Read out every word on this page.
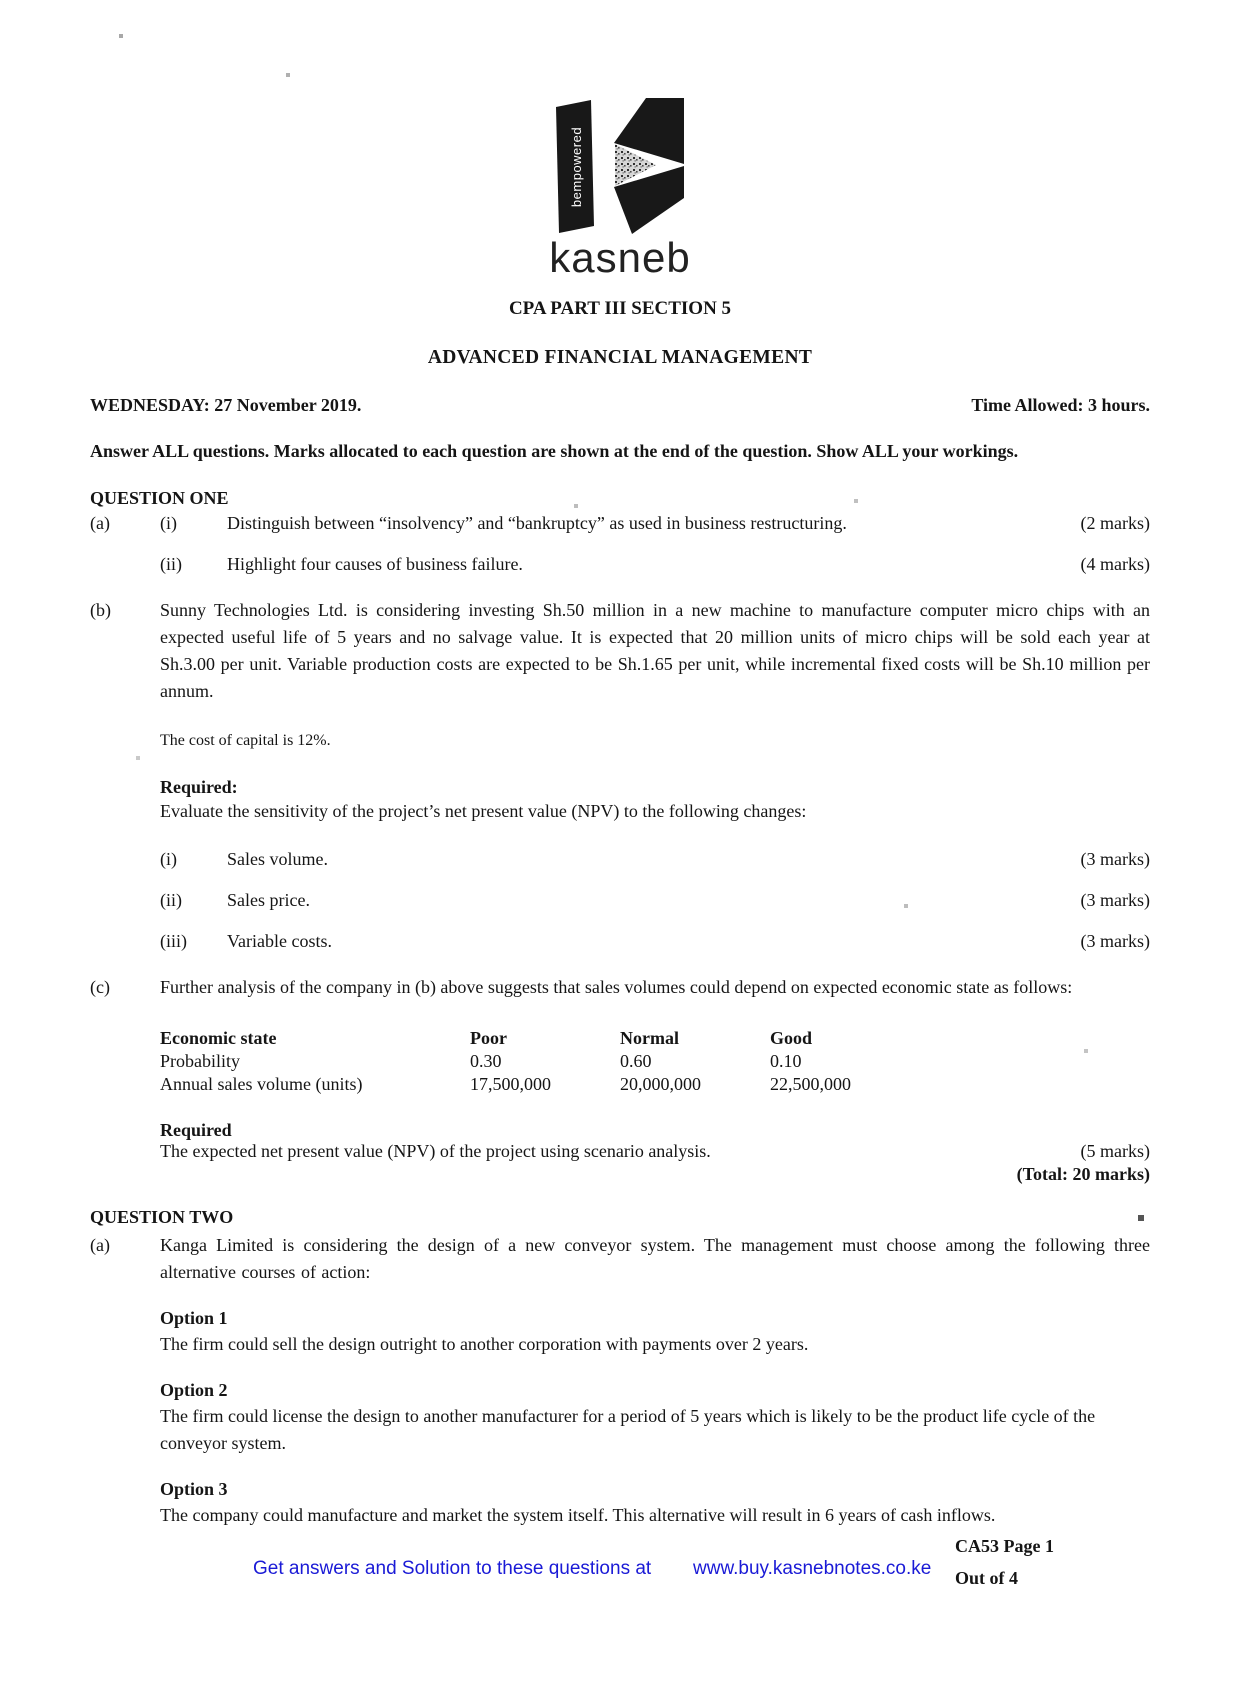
bempowered
kasneb
CPA PART III SECTION 5
ADVANCED FINANCIAL MANAGEMENT
WEDNESDAY: 27 November 2019.	Time Allowed: 3 hours.
Answer ALL questions. Marks allocated to each question are shown at the end of the question. Show ALL your workings.
QUESTION ONE
(a)	(i)	Distinguish between “insolvency” and “bankruptcy” as used in business restructuring.	(2 marks)
(ii)	Highlight four causes of business failure.	(4 marks)
(b)	Sunny Technologies Ltd. is considering investing Sh.50 million in a new machine to manufacture computer micro chips with an expected useful life of 5 years and no salvage value. It is expected that 20 million units of micro chips will be sold each year at Sh.3.00 per unit. Variable production costs are expected to be Sh.1.65 per unit, while incremental fixed costs will be Sh.10 million per annum.
The cost of capital is 12%.
Required:
Evaluate the sensitivity of the project’s net present value (NPV) to the following changes:
(i)	Sales volume.	(3 marks)
(ii)	Sales price.	(3 marks)
(iii)	Variable costs.	(3 marks)
(c)	Further analysis of the company in (b) above suggests that sales volumes could depend on expected economic state as follows:
Economic state	Poor	Normal	Good
Probability	0.30	0.60	0.10
Annual sales volume (units)	17,500,000	20,000,000	22,500,000
Required
The expected net present value (NPV) of the project using scenario analysis.	(5 marks)
(Total: 20 marks)
QUESTION TWO
(a)	Kanga Limited is considering the design of a new conveyor system. The management must choose among the following three alternative courses of action:
Option 1
The firm could sell the design outright to another corporation with payments over 2 years.
Option 2
The firm could license the design to another manufacturer for a period of 5 years which is likely to be the product life cycle of the conveyor system.
Option 3
The company could manufacture and market the system itself. This alternative will result in 6 years of cash inflows.
Get answers and Solution to these questions at www.buy.kasnebnotes.co.ke
CA53 Page 1
Out of 4
